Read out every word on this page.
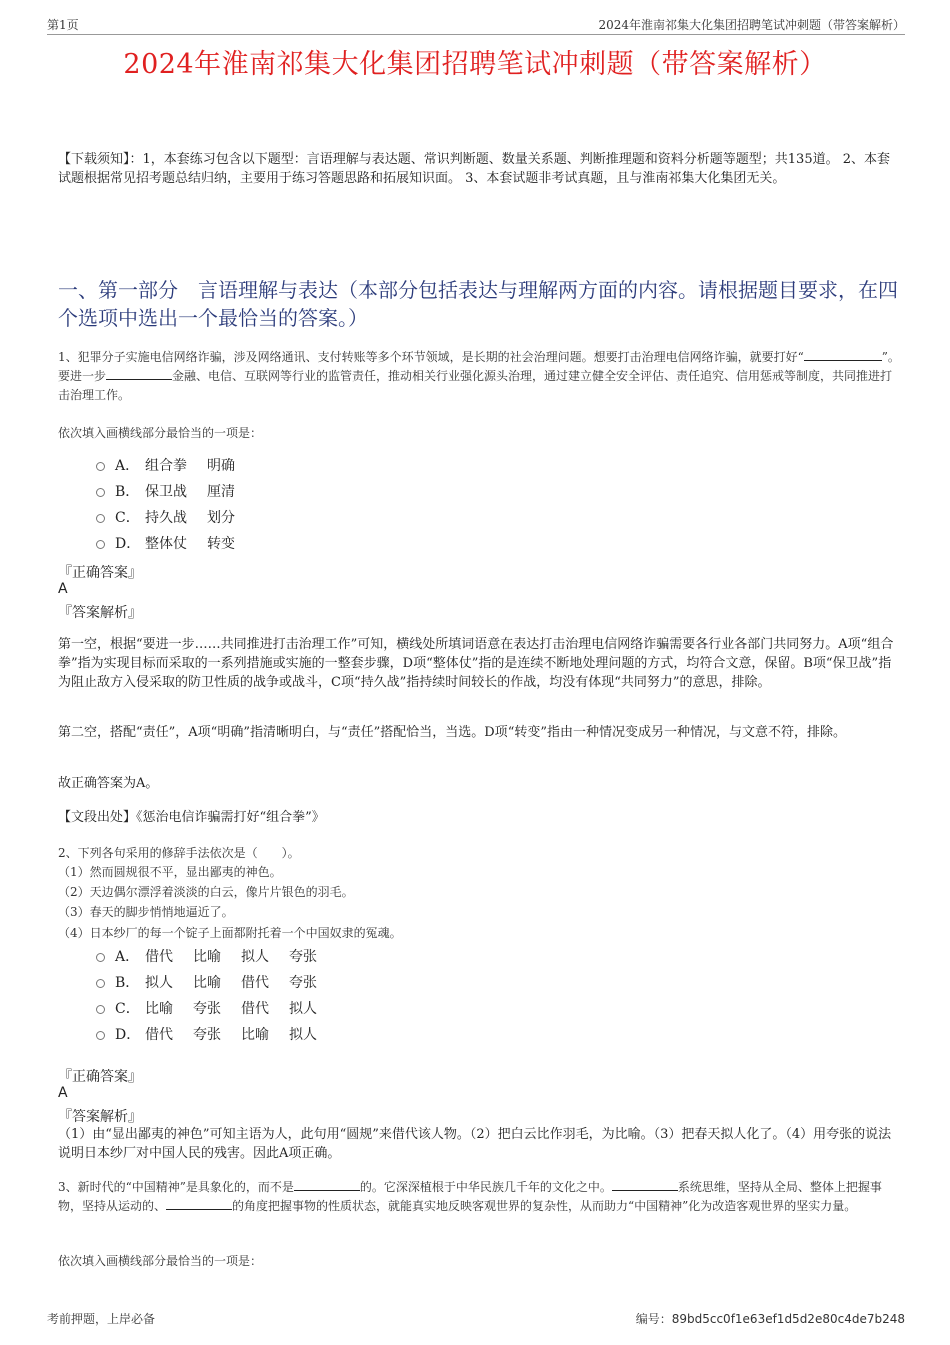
第1页	2024年淮南祁集大化集团招聘笔试冲刺题（带答案解析）
2024年淮南祁集大化集团招聘笔试冲刺题（带答案解析）

【下载须知】：1，本套练习包含以下题型：言语理解与表达题、常识判断题、数量关系题、判断推理题和资料分析题等题型；共135道。 2、本套试题根据常见招考题总结归纳，主要用于练习答题思路和拓展知识面。 3、本套试题非考试真题，且与淮南祁集大化集团无关。

一、第一部分　言语理解与表达（本部分包括表达与理解两方面的内容。请根据题目要求，在四个选项中选出一个最恰当的答案。）

1、犯罪分子实施电信网络诈骗，涉及网络通讯、支付转账等多个环节领域，是长期的社会治理问题。想要打击治理电信网络诈骗，就要打好“	”。要进一步	金融、电信、互联网等行业的监管责任，推动相关行业强化源头治理，通过建立健全安全评估、责任追究、信用惩戒等制度，共同推进打击治理工作。

依次填入画横线部分最恰当的一项是：

A． 组合拳 明确
B． 保卫战 厘清
C． 持久战 划分
D． 整体仗 转变

『正确答案』

A

『答案解析』

第一空，根据“要进一步……共同推进打击治理工作”可知，横线处所填词语意在表达打击治理电信网络诈骗需要各行业各部门共同努力。A项“组合拳”指为实现目标而采取的一系列措施或实施的一整套步骤，D项“整体仗”指的是连续不断地处理问题的方式，均符合文意，保留。B项“保卫战”指为阻止敌方入侵采取的防卫性质的战争或战斗，C项“持久战”指持续时间较长的作战，均没有体现“共同努力”的意思，排除。

第二空，搭配“责任”，A项“明确”指清晰明白，与“责任”搭配恰当，当选。D项“转变”指由一种情况变成另一种情况，与文意不符，排除。

故正确答案为A。

【文段出处】《惩治电信诈骗需打好“组合拳”》

2、下列各句采用的修辞手法依次是（　　）。

（1）然而圆规很不平，显出鄙夷的神色。

（2）天边偶尔漂浮着淡淡的白云，像片片银色的羽毛。

（3）春天的脚步悄悄地逼近了。

（4）日本纱厂的每一个锭子上面都附托着一个中国奴隶的冤魂。

A． 借代 比喻 拟人 夸张
B． 拟人 比喻 借代 夸张
C． 比喻 夸张 借代 拟人
D． 借代 夸张 比喻 拟人

『正确答案』

A

『答案解析』

（1）由“显出鄙夷的神色”可知主语为人，此句用“圆规”来借代该人物。（2）把白云比作羽毛，为比喻。（3）把春天拟人化了。（4）用夸张的说法说明日本纱厂对中国人民的残害。因此A项正确。

3、新时代的“中国精神”是具象化的，而不是	的。它深深植根于中华民族几千年的文化之中。	系统思维，坚持从全局、整体上把握事物，坚持从运动的、	的角度把握事物的性质状态，就能真实地反映客观世界的复杂性，从而助力“中国精神”化为改造客观世界的坚实力量。

依次填入画横线部分最恰当的一项是：

考前押题，上岸必备	编号：89bd5cc0f1e63ef1d5d2e80c4de7b248
